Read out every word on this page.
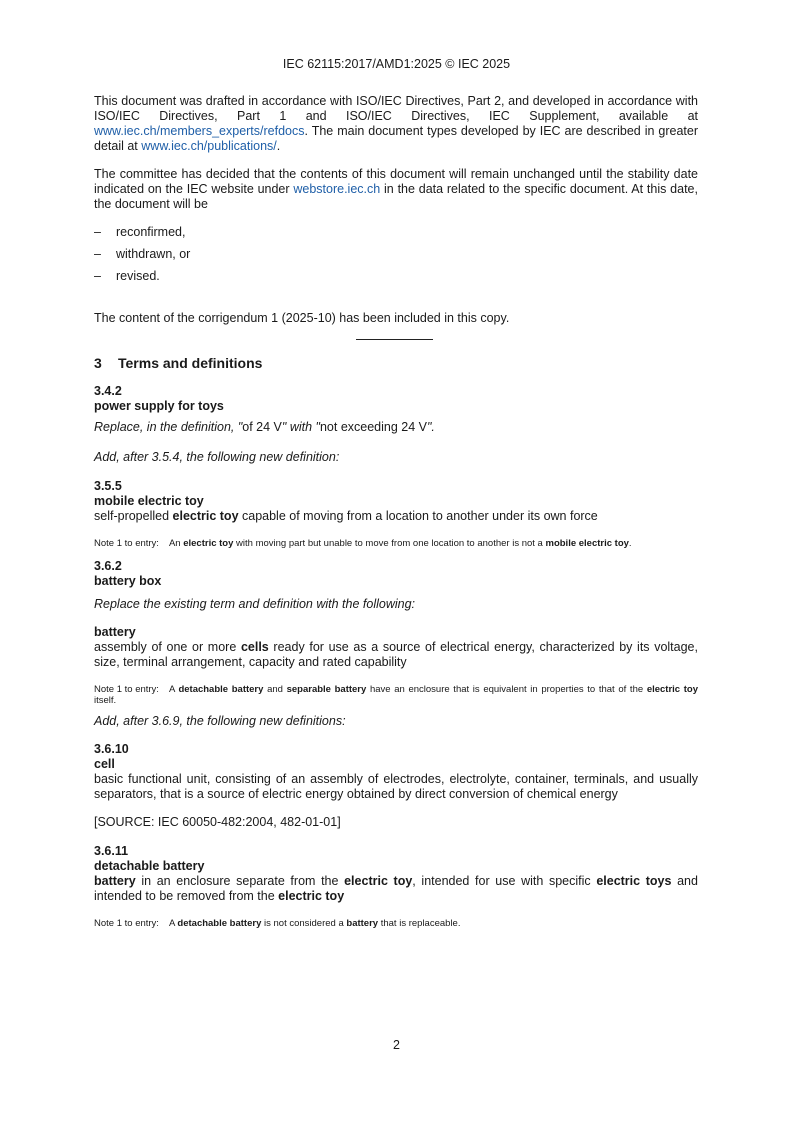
IEC 62115:2017/AMD1:2025 © IEC 2025

This document was drafted in accordance with ISO/IEC Directives, Part 2, and developed in accordance with ISO/IEC Directives, Part 1 and ISO/IEC Directives, IEC Supplement, available at www.iec.ch/members_experts/refdocs. The main document types developed by IEC are described in greater detail at www.iec.ch/publications/.

The committee has decided that the contents of this document will remain unchanged until the stability date indicated on the IEC website under webstore.iec.ch in the data related to the specific document. At this date, the document will be

–	reconfirmed,
–	withdrawn, or
–	revised.

The content of the corrigendum 1 (2025-10) has been included in this copy.

3 Terms and definitions

3.4.2

power supply for toys

Replace, in the definition, "of 24 V" with "not exceeding 24 V".

Add, after 3.5.4, the following new definition:

3.5.5

mobile electric toy

self-propelled electric toy capable of moving from a location to another under its own force

Note 1 to entry: An electric toy with moving part but unable to move from one location to another is not a mobile electric toy.

3.6.2

battery box

Replace the existing term and definition with the following:

battery

assembly of one or more cells ready for use as a source of electrical energy, characterized by its voltage, size, terminal arrangement, capacity and rated capability

Note 1 to entry: A detachable battery and separable battery have an enclosure that is equivalent in properties to that of the electric toy itself.

Add, after 3.6.9, the following new definitions:

3.6.10

cell

basic functional unit, consisting of an assembly of electrodes, electrolyte, container, terminals, and usually separators, that is a source of electric energy obtained by direct conversion of chemical energy

[SOURCE: IEC 60050-482:2004, 482-01-01]

3.6.11

detachable battery

battery in an enclosure separate from the electric toy, intended for use with specific electric toys and intended to be removed from the electric toy

Note 1 to entry: A detachable battery is not considered a battery that is replaceable.

2
